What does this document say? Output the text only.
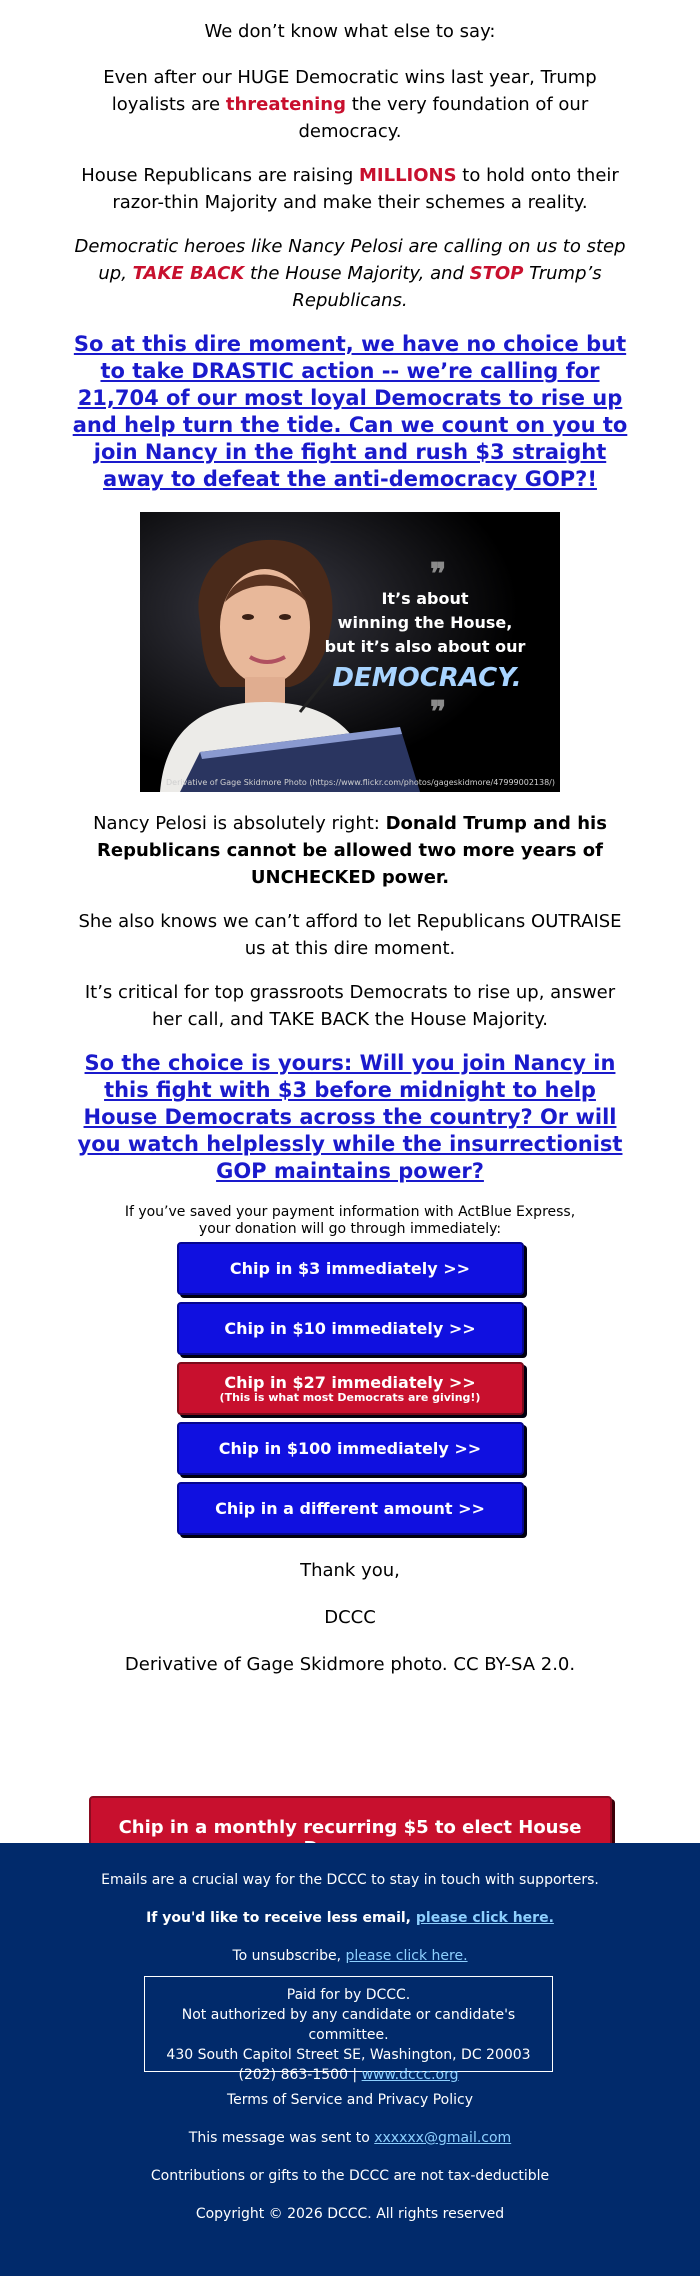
We don’t know what else to say:

Even after our HUGE Democratic wins last year, Trump loyalists are threatening the very foundation of our democracy.

House Republicans are raising MILLIONS to hold onto their razor-thin Majority and make their schemes a reality.

Democratic heroes like Nancy Pelosi are calling on us to step up, TAKE BACK the House Majority, and STOP Trump’s Republicans.

So at this dire moment, we have no choice but to take DRASTIC action -- we’re calling for 21,704 of our most loyal Democrats to rise up and help turn the tide. Can we count on you to join Nancy in the fight and rush $3 straight away to defeat the anti-democracy GOP?!
❞
❞
It’s about
winning the House,
but it’s also about our
DEMOCRACY.
Derivative of Gage Skidmore Photo (https://www.flickr.com/photos/gageskidmore/47999002138/)

Nancy Pelosi is absolutely right: Donald Trump and his Republicans cannot be allowed two more years of UNCHECKED power.

She also knows we can’t afford to let Republicans OUTRAISE us at this dire moment.

It’s critical for top grassroots Democrats to rise up, answer her call, and TAKE BACK the House Majority.

So the choice is yours: Will you join Nancy in this fight with $3 before midnight to help House Democrats across the country? Or will you watch helplessly while the insurrectionist GOP maintains power?

If you’ve saved your payment information with ActBlue Express,
your donation will go through immediately:

Chip in $3 immediately >>
Chip in $10 immediately >>
Chip in $27 immediately >>
(This is what most Democrats are giving!)
Chip in $100 immediately >>
Chip in a different amount >>

Thank you,

DCCC

Derivative of Gage Skidmore photo. CC BY-SA 2.0.

Chip in a monthly recurring $5 to elect House
Emails are a crucial way for the DCCC to stay in touch with supporters.
If you'd like to receive less email, please click here.
To unsubscribe, please click here.
Paid for by DCCC.
Not authorized by any candidate or candidate's committee.
430 South Capitol Street SE, Washington, DC 20003
(202) 863-1500 | www.dccc.org
Terms of Service and Privacy Policy
This message was sent to xxxxxx@gmail.com
Contributions or gifts to the DCCC are not tax-deductible
Copyright © 2026 DCCC. All rights reserved
